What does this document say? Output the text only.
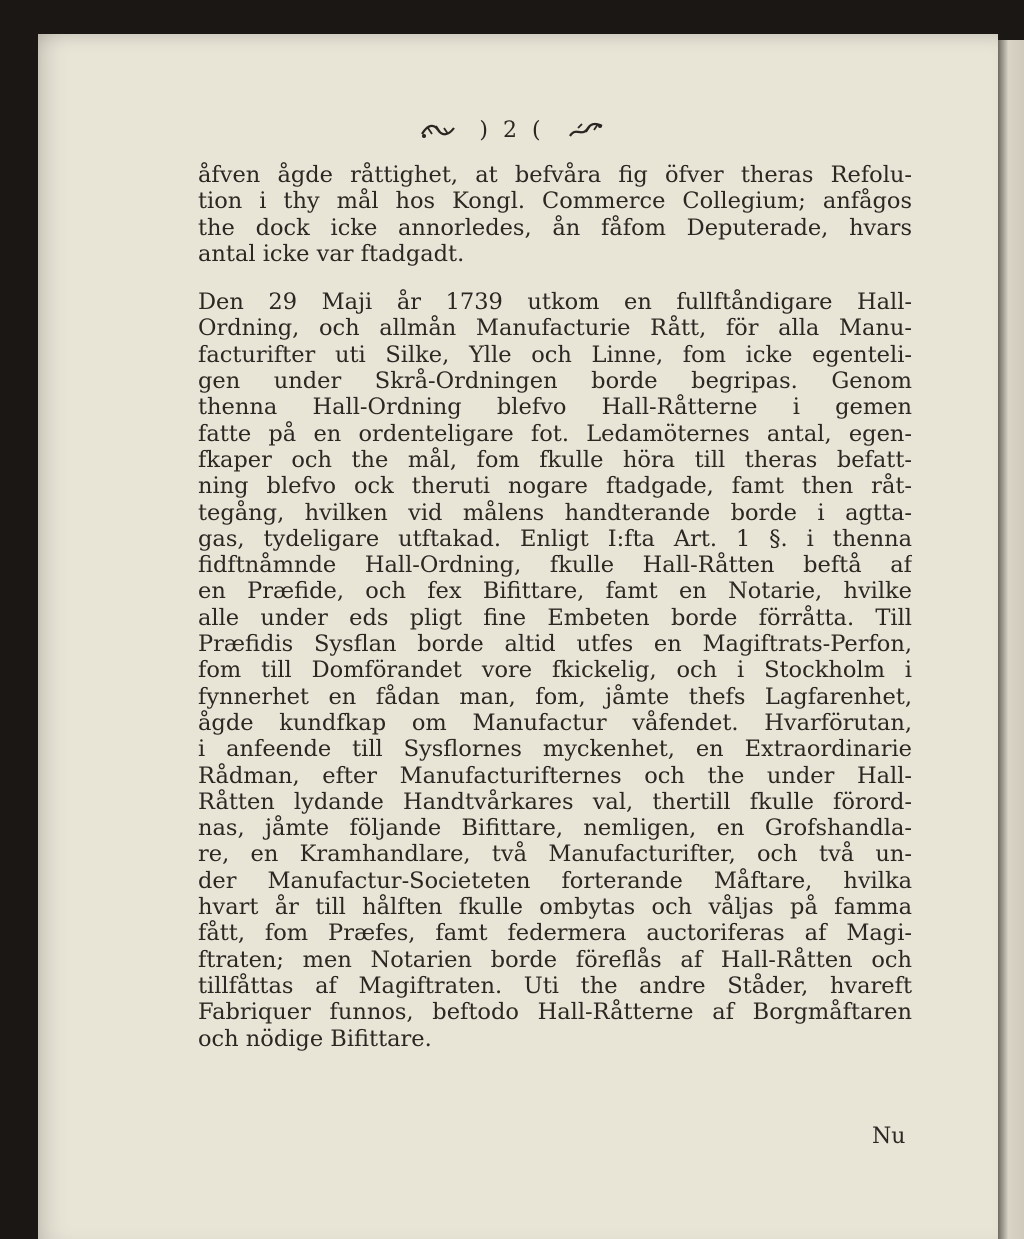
) 2 (
åfven ågde råttighet, at befvåra fig öfver theras Refolu-
tion i thy mål hos Kongl. Commerce Collegium; anfågos
the dock icke annorledes, ån fåfom Deputerade, hvars
antal icke var ftadgadt.
Den 29 Maji år 1739 utkom en fullftåndigare Hall-
Ordning, och allmån Manufacturie Rått, för alla Manu-
facturifter uti Silke, Ylle och Linne, fom icke egenteli-
gen under Skrå-Ordningen borde begripas. Genom
thenna Hall-Ordning blefvo Hall-Råtterne i gemen
fatte på en ordenteligare fot. Ledamöternes antal, egen-
fkaper och the mål, fom fkulle höra till theras befatt-
ning blefvo ock theruti nogare ftadgade, famt then råt-
tegång, hvilken vid målens handterande borde i agtta-
gas, tydeligare utftakad. Enligt I:fta Art. 1 §. i thenna
fidftnåmnde Hall-Ordning, fkulle Hall-Råtten beftå af
en Præfide, och fex Bifittare, famt en Notarie, hvilke
alle under eds pligt fine Embeten borde förråtta. Till
Præfidis Sysflan borde altid utfes en Magiftrats-Perfon,
fom till Domförandet vore fkickelig, och i Stockholm i
fynnerhet en fådan man, fom, jåmte thefs Lagfarenhet,
ågde kundfkap om Manufactur våfendet. Hvarförutan,
i anfeende till Sysflornes myckenhet, en Extraordinarie
Rådman, efter Manufacturifternes och the under Hall-
Råtten lydande Handtvårkares val, thertill fkulle förord-
nas, jåmte följande Bifittare, nemligen, en Grofshandla-
re, en Kramhandlare, två Manufacturifter, och två un-
der Manufactur-Societeten forterande Måftare, hvilka
hvart år till hålften fkulle ombytas och våljas på famma
fått, fom Præfes, famt federmera auctoriferas af Magi-
ftraten; men Notarien borde föreflås af Hall-Råtten och
tillfåttas af Magiftraten. Uti the andre Ståder, hvareft
Fabriquer funnos, beftodo Hall-Råtterne af Borgmåftaren
och nödige Bifittare.
Nu
